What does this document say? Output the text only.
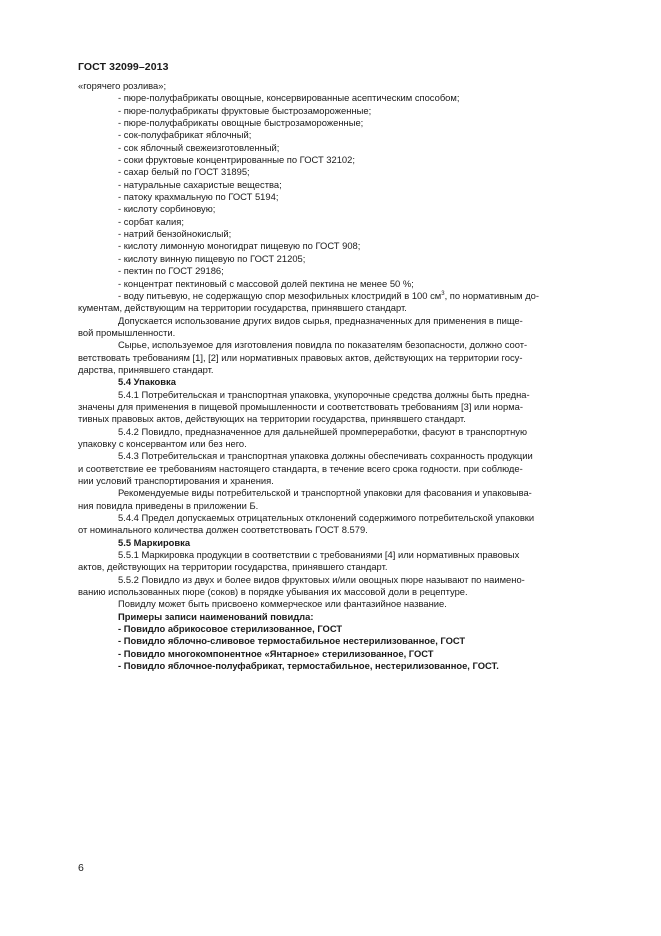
ГОСТ 32099–2013
«горячего розлива»;
- пюре-полуфабрикаты овощные, консервированные асептическим способом;
- пюре-полуфабрикаты фруктовые быстрозамороженные;
- пюре-полуфабрикаты овощные быстрозамороженные;
- сок-полуфабрикат яблочный;
- сок яблочный свежеизготовленный;
- соки фруктовые концентрированные по ГОСТ 32102;
- сахар белый по ГОСТ 31895;
- натуральные сахаристые вещества;
- патоку крахмальную по ГОСТ 5194;
- кислоту сорбиновую;
- сорбат калия;
- натрий бензойнокислый;
- кислоту лимонную моногидрат пищевую по ГОСТ 908;
- кислоту винную пищевую по ГОСТ 21205;
- пектин по ГОСТ 29186;
- концентрат пектиновый с массовой долей пектина не менее 50 %;
- воду питьевую, не содержащую спор мезофильных клостридий в 100 $см^3$, по нормативным до-
кументам, действующим на территории государства, принявшего стандарт.
Допускается использование других видов сырья, предназначенных для применения в пище-
вой промышленности.
Сырье, используемое для изготовления повидла по показателям безопасности, должно соот-
ветствовать требованиям [1], [2] или нормативных правовых актов, действующих на территории госу-
дарства, принявшего стандарт.
5.4 Упаковка
5.4.1 Потребительская и транспортная упаковка, укупорочные средства должны быть предна-
значены для применения в пищевой промышленности и соответствовать требованиям [3] или норма-
тивных правовых актов, действующих на территории государства, принявшего стандарт.
5.4.2 Повидло, предназначенное для дальнейшей промпереработки, фасуют в транспортную
упаковку с консервантом или без него.
5.4.3 Потребительская и транспортная упаковка должны обеспечивать сохранность продукции
и соответствие ее требованиям настоящего стандарта, в течение всего срока годности. при соблюде-
нии условий транспортирования и хранения.
Рекомендуемые виды потребительской и транспортной упаковки для фасования и упаковыва-
ния повидла приведены в приложении Б.
5.4.4 Предел допускаемых отрицательных отклонений содержимого потребительской упаковки
от номинального количества должен соответствовать ГОСТ 8.579.
5.5 Маркировка
5.5.1 Маркировка продукции в соответствии с требованиями [4] или нормативных правовых
актов, действующих на территории государства, принявшего стандарт.
5.5.2 Повидло из двух и более видов фруктовых и/или овощных пюре называют по наимено-
ванию использованных пюре (соков) в порядке убывания их массовой доли в рецептуре.
Повидлу может быть присвоено коммерческое или фантазийное название.
Примеры записи наименований повидла:
- Повидло абрикосовое стерилизованное, ГОСТ
- Повидло яблочно-сливовое термостабильное нестерилизованное, ГОСТ
- Повидло многокомпонентное «Янтарное» стерилизованное, ГОСТ
- Повидло яблочное-полуфабрикат, термостабильное, нестерилизованное, ГОСТ.
6
